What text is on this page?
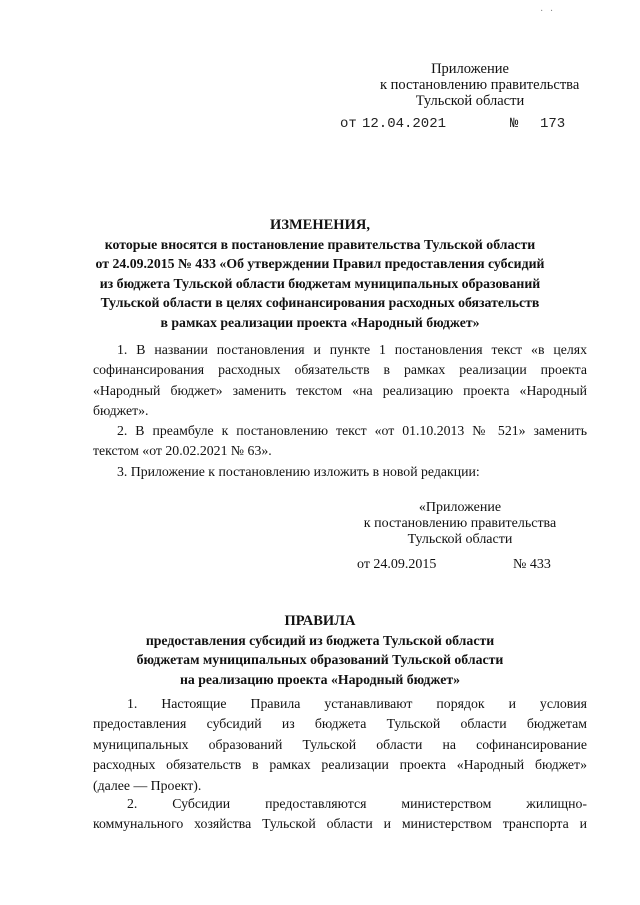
· ·
Приложение
к постановлению правительства
Тульской области
от 12.04.2021	№ 173
ИЗМЕНЕНИЯ,
которые вносятся в постановление правительства Тульской области
от 24.09.2015 № 433 «Об утверждении Правил предоставления субсидий
из бюджета Тульской области бюджетам муниципальных образований
Тульской области в целях софинансирования расходных обязательств
в рамках реализации проекта «Народный бюджет»
1. В названии постановления и пункте 1 постановления текст «в целях
софинансирования расходных обязательств в рамках реализации проекта
«Народный бюджет» заменить текстом «на реализацию проекта «Народный
бюджет».
2. В преамбуле к постановлению текст «от 01.10.2013 № 521» заменить
текстом «от 20.02.2021 № 63».
3. Приложение к постановлению изложить в новой редакции:
«Приложение
к постановлению правительства
Тульской области
от 24.09.2015	№ 433
ПРАВИЛА
предоставления субсидий из бюджета Тульской области
бюджетам муниципальных образований Тульской области
на реализацию проекта «Народный бюджет»
1. Настоящие Правила устанавливают порядок и условия
предоставления субсидий из бюджета Тульской области бюджетам
муниципальных образований Тульской области на софинансирование
расходных обязательств в рамках реализации проекта «Народный бюджет»
(далее — Проект).
2. Субсидии предоставляются министерством жилищно-
коммунального хозяйства Тульской области и министерством транспорта и
